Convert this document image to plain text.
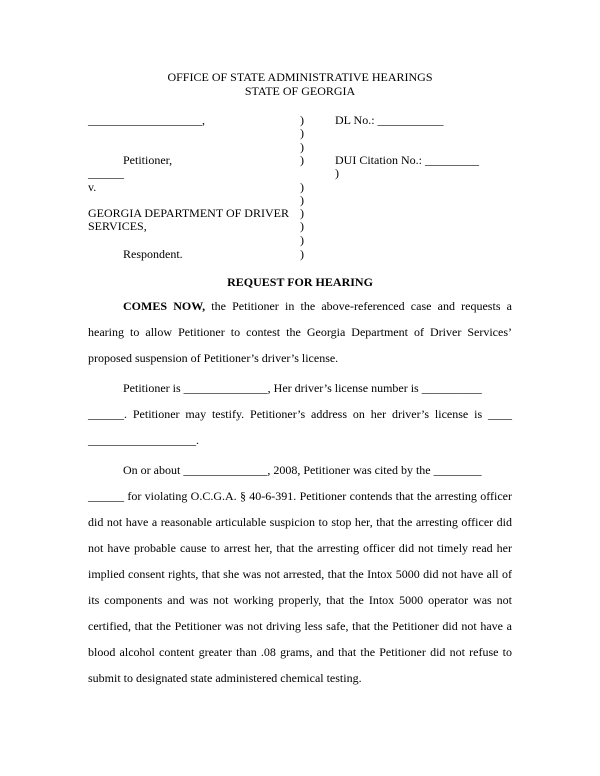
OFFICE OF STATE ADMINISTRATIVE HEARINGS
STATE OF GEORGIA
___________________,
Petitioner,
______
v.
GEORGIA DEPARTMENT OF DRIVER
SERVICES,
Respondent.
)
)
)
)
)
)
)
)
)
)
DL No.: ___________
DUI Citation No.: _________
)
REQUEST FOR HEARING
COMES NOW, the Petitioner in the above-referenced case and requests a
hearing to allow Petitioner to contest the Georgia Department of Driver Services’
proposed suspension of Petitioner’s driver’s license.
Petitioner is ______________, Her driver’s license number is __________
______. Petitioner may testify. Petitioner’s address on her driver’s license is ____
__________________.
On or about ______________, 2008, Petitioner was cited by the ________
______ for violating O.C.G.A. § 40-6-391. Petitioner contends that the arresting officer
did not have a reasonable articulable suspicion to stop her, that the arresting officer did
not have probable cause to arrest her, that the arresting officer did not timely read her
implied consent rights, that she was not arrested, that the Intox 5000 did not have all of
its components and was not working properly, that the Intox 5000 operator was not
certified, that the Petitioner was not driving less safe, that the Petitioner did not have a
blood alcohol content greater than .08 grams, and that the Petitioner did not refuse to
submit to designated state administered chemical testing.
